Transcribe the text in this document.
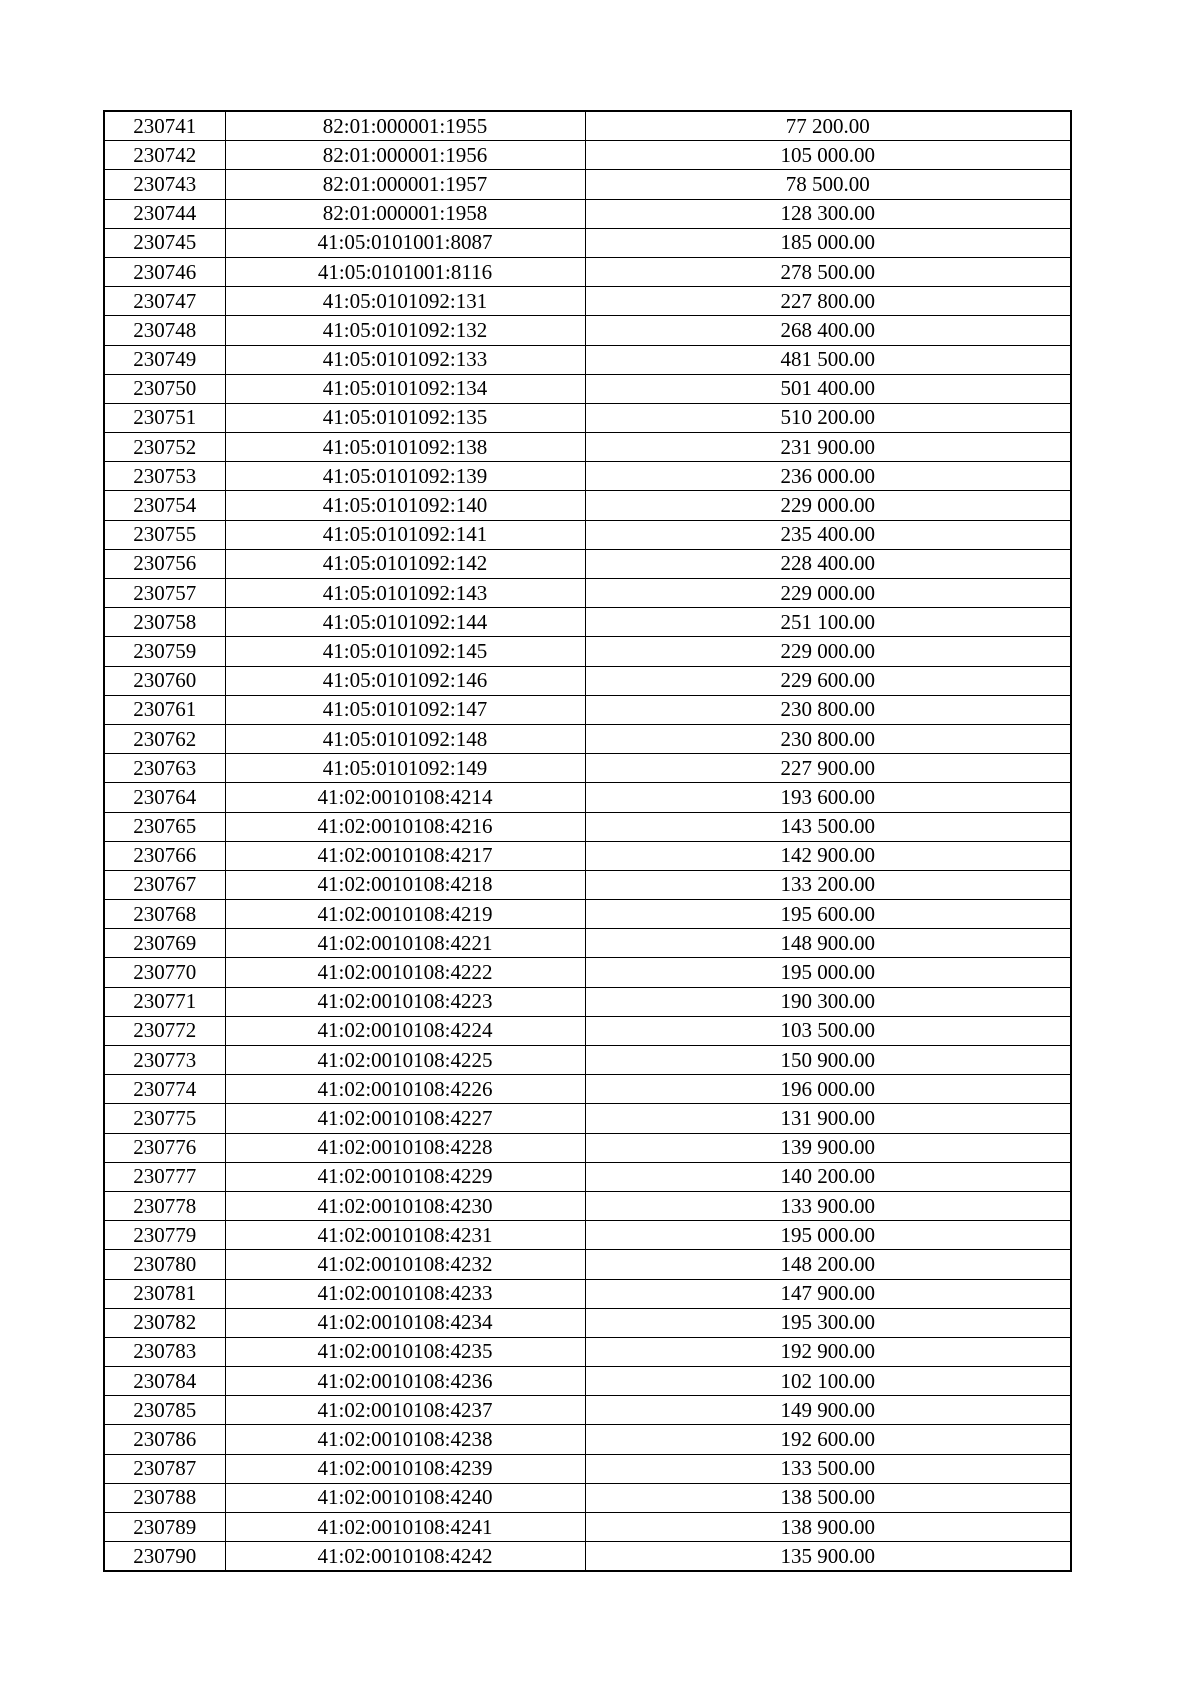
230741	82:01:000001:1955	77 200.00
230742	82:01:000001:1956	105 000.00
230743	82:01:000001:1957	78 500.00
230744	82:01:000001:1958	128 300.00
230745	41:05:0101001:8087	185 000.00
230746	41:05:0101001:8116	278 500.00
230747	41:05:0101092:131	227 800.00
230748	41:05:0101092:132	268 400.00
230749	41:05:0101092:133	481 500.00
230750	41:05:0101092:134	501 400.00
230751	41:05:0101092:135	510 200.00
230752	41:05:0101092:138	231 900.00
230753	41:05:0101092:139	236 000.00
230754	41:05:0101092:140	229 000.00
230755	41:05:0101092:141	235 400.00
230756	41:05:0101092:142	228 400.00
230757	41:05:0101092:143	229 000.00
230758	41:05:0101092:144	251 100.00
230759	41:05:0101092:145	229 000.00
230760	41:05:0101092:146	229 600.00
230761	41:05:0101092:147	230 800.00
230762	41:05:0101092:148	230 800.00
230763	41:05:0101092:149	227 900.00
230764	41:02:0010108:4214	193 600.00
230765	41:02:0010108:4216	143 500.00
230766	41:02:0010108:4217	142 900.00
230767	41:02:0010108:4218	133 200.00
230768	41:02:0010108:4219	195 600.00
230769	41:02:0010108:4221	148 900.00
230770	41:02:0010108:4222	195 000.00
230771	41:02:0010108:4223	190 300.00
230772	41:02:0010108:4224	103 500.00
230773	41:02:0010108:4225	150 900.00
230774	41:02:0010108:4226	196 000.00
230775	41:02:0010108:4227	131 900.00
230776	41:02:0010108:4228	139 900.00
230777	41:02:0010108:4229	140 200.00
230778	41:02:0010108:4230	133 900.00
230779	41:02:0010108:4231	195 000.00
230780	41:02:0010108:4232	148 200.00
230781	41:02:0010108:4233	147 900.00
230782	41:02:0010108:4234	195 300.00
230783	41:02:0010108:4235	192 900.00
230784	41:02:0010108:4236	102 100.00
230785	41:02:0010108:4237	149 900.00
230786	41:02:0010108:4238	192 600.00
230787	41:02:0010108:4239	133 500.00
230788	41:02:0010108:4240	138 500.00
230789	41:02:0010108:4241	138 900.00
230790	41:02:0010108:4242	135 900.00
